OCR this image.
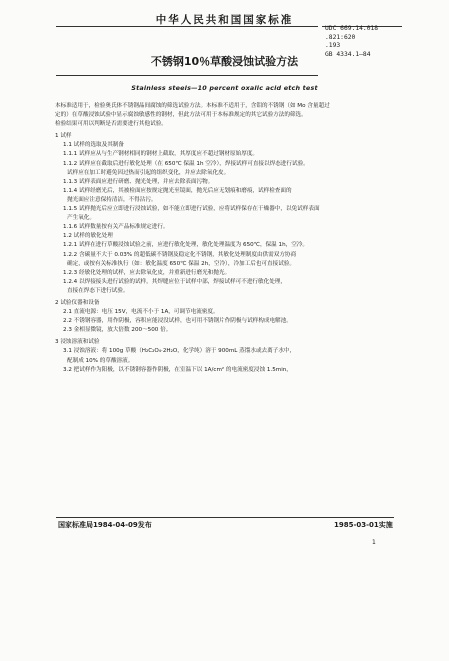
中华人民共和国国家标准
UDC 669.14.018
.821:620
.193
GB 4334.1—84
不锈钢10％草酸浸蚀试验方法
Stainless steels—10 percent oxalic acid etch test

本标准适用于，检验奥氏体不锈钢晶间腐蚀的筛选试验方法。本标准不适用于，含钼的不锈钢（如 Mo 含量超过

定的）在草酸浸蚀试验中显示腐蚀敏感性的钢材，但此方法可用于本标准规定的其它试验方法的筛选。

检验结果可用以判断是否需要进行其他试验。

1 试样

1.1 试样的选取及其制备

1.1.1 试样应从与生产钢材相同的钢材上截取，其厚度应不超过钢材原始厚度。

1.1.2 试样应在截取后进行敏化处理（在 650℃ 保温 1h 空冷），焊接试样可直接以焊态进行试验。

试样应在加工时避免因过热而引起的组织变化，并应去除氧化皮。

1.1.3 试样表面应进行研磨、抛光处理，并应去除表面污物。

1.1.4 试样经磨光后，其被检面应按规定抛光至镜面，抛光后应无划痕和磨痕，试样检查面的

抛光面应注意保持清洁，不得沾污。

1.1.5 试样抛光后应立即进行浸蚀试验，如不能立即进行试验，应将试样保存在干燥器中，以免试样表面

产生氧化。

1.1.6 试样数量按有关产品标准规定进行。

1.2 试样的敏化处理

1.2.1 试样在进行草酸浸蚀试验之前，应进行敏化处理，敏化处理温度为 650℃，保温 1h，空冷。

1.2.2 含碳量不大于 0.03% 的超低碳不锈钢及稳定化不锈钢，其敏化处理制度由供需双方协商

确定，或按有关标准执行（如：敏化温度 650℃ 保温 2h，空冷），冷加工后也可直接试验。

1.2.3 经敏化处理的试样，应去除氧化皮，并重新进行磨光和抛光。

1.2.4 以焊接接头进行试验的试样，其焊缝应位于试样中部，焊接试样可不进行敏化处理，

直接在焊态下进行试验。

2 试验仪器和设备

2.1 直流电源：电压 15V，电流不小于 1A，可调节电流密度。

2.2 不锈钢容器，用作阴极，容积应能浸没试样，也可用不锈钢片作阴极与试样构成电解池。

2.3 金相显微镜，放大倍数 200～500 倍。

3 浸蚀溶液和试验

3.1 浸蚀溶液：将 100g 草酸（H₂C₂O₄·2H₂O，化学纯）溶于 900mL 蒸馏水或去离子水中，

配制成 10% 的草酸溶液。

3.2 把试样作为阳极，以不锈钢容器作阴极，在室温下以 1A/cm² 的电流密度浸蚀 1.5min，

国家标准局1984-04-09发布	1985-03-01实施
1
